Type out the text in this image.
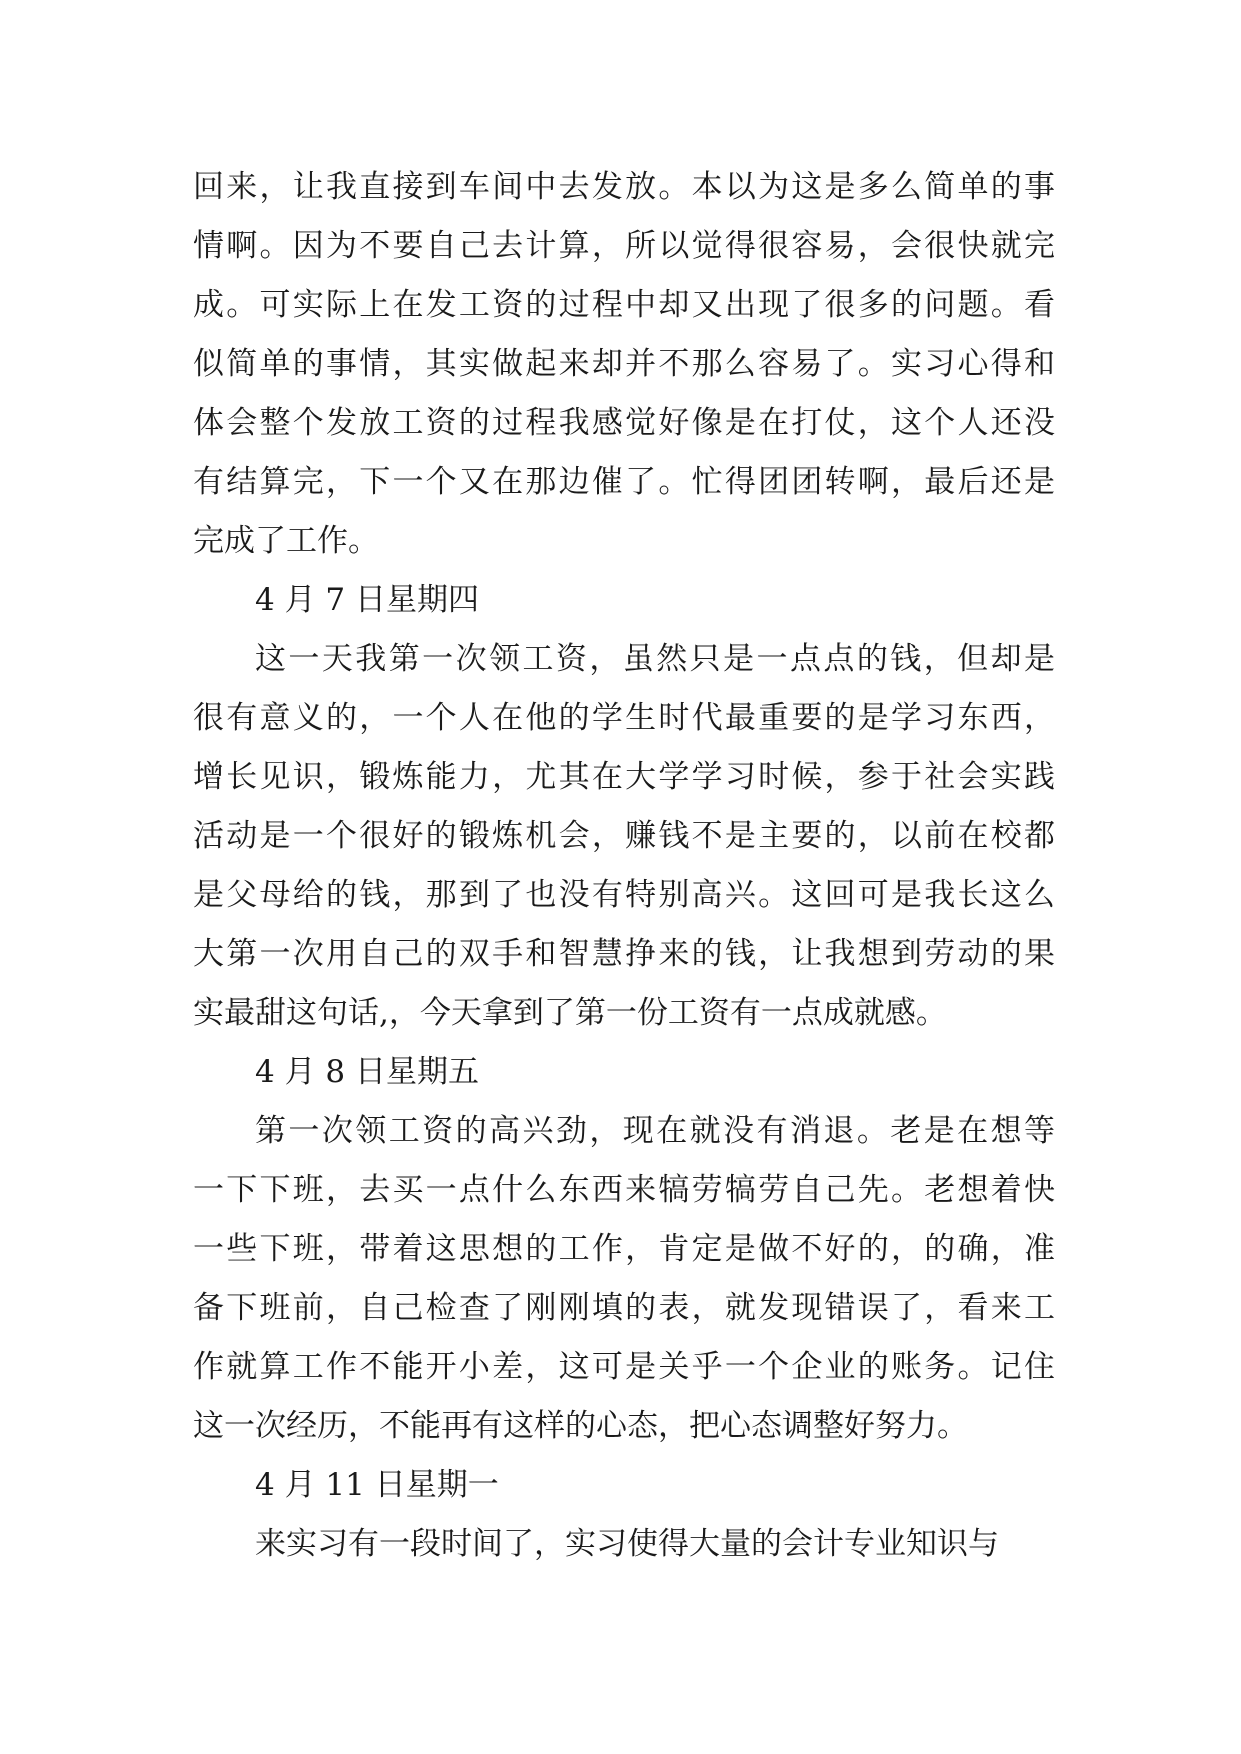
回来，让我直接到车间中去发放。本以为这是多么简单的事
情啊。因为不要自己去计算，所以觉得很容易，会很快就完
成。可实际上在发工资的过程中却又出现了很多的问题。看
似简单的事情，其实做起来却并不那么容易了。实习心得和
体会整个发放工资的过程我感觉好像是在打仗，这个人还没
有结算完，下一个又在那边催了。忙得团团转啊，最后还是
完成了工作。
4 月 7 日星期四
这一天我第一次领工资，虽然只是一点点的钱，但却是
很有意义的，一个人在他的学生时代最重要的是学习东西，
增长见识，锻炼能力，尤其在大学学习时候，参于社会实践
活动是一个很好的锻炼机会，赚钱不是主要的，以前在校都
是父母给的钱，那到了也没有特别高兴。这回可是我长这么
大第一次用自己的双手和智慧挣来的钱，让我想到劳动的果
实最甜这句话,，今天拿到了第一份工资有一点成就感。
4 月 8 日星期五
第一次领工资的高兴劲，现在就没有消退。老是在想等
一下下班，去买一点什么东西来犒劳犒劳自己先。老想着快
一些下班，带着这思想的工作，肯定是做不好的，的确，准
备下班前，自己检查了刚刚填的表，就发现错误了，看来工
作就算工作不能开小差，这可是关乎一个企业的账务。记住
这一次经历，不能再有这样的心态，把心态调整好努力。
4 月 11 日星期一
来实习有一段时间了，实习使得大量的会计专业知识与
